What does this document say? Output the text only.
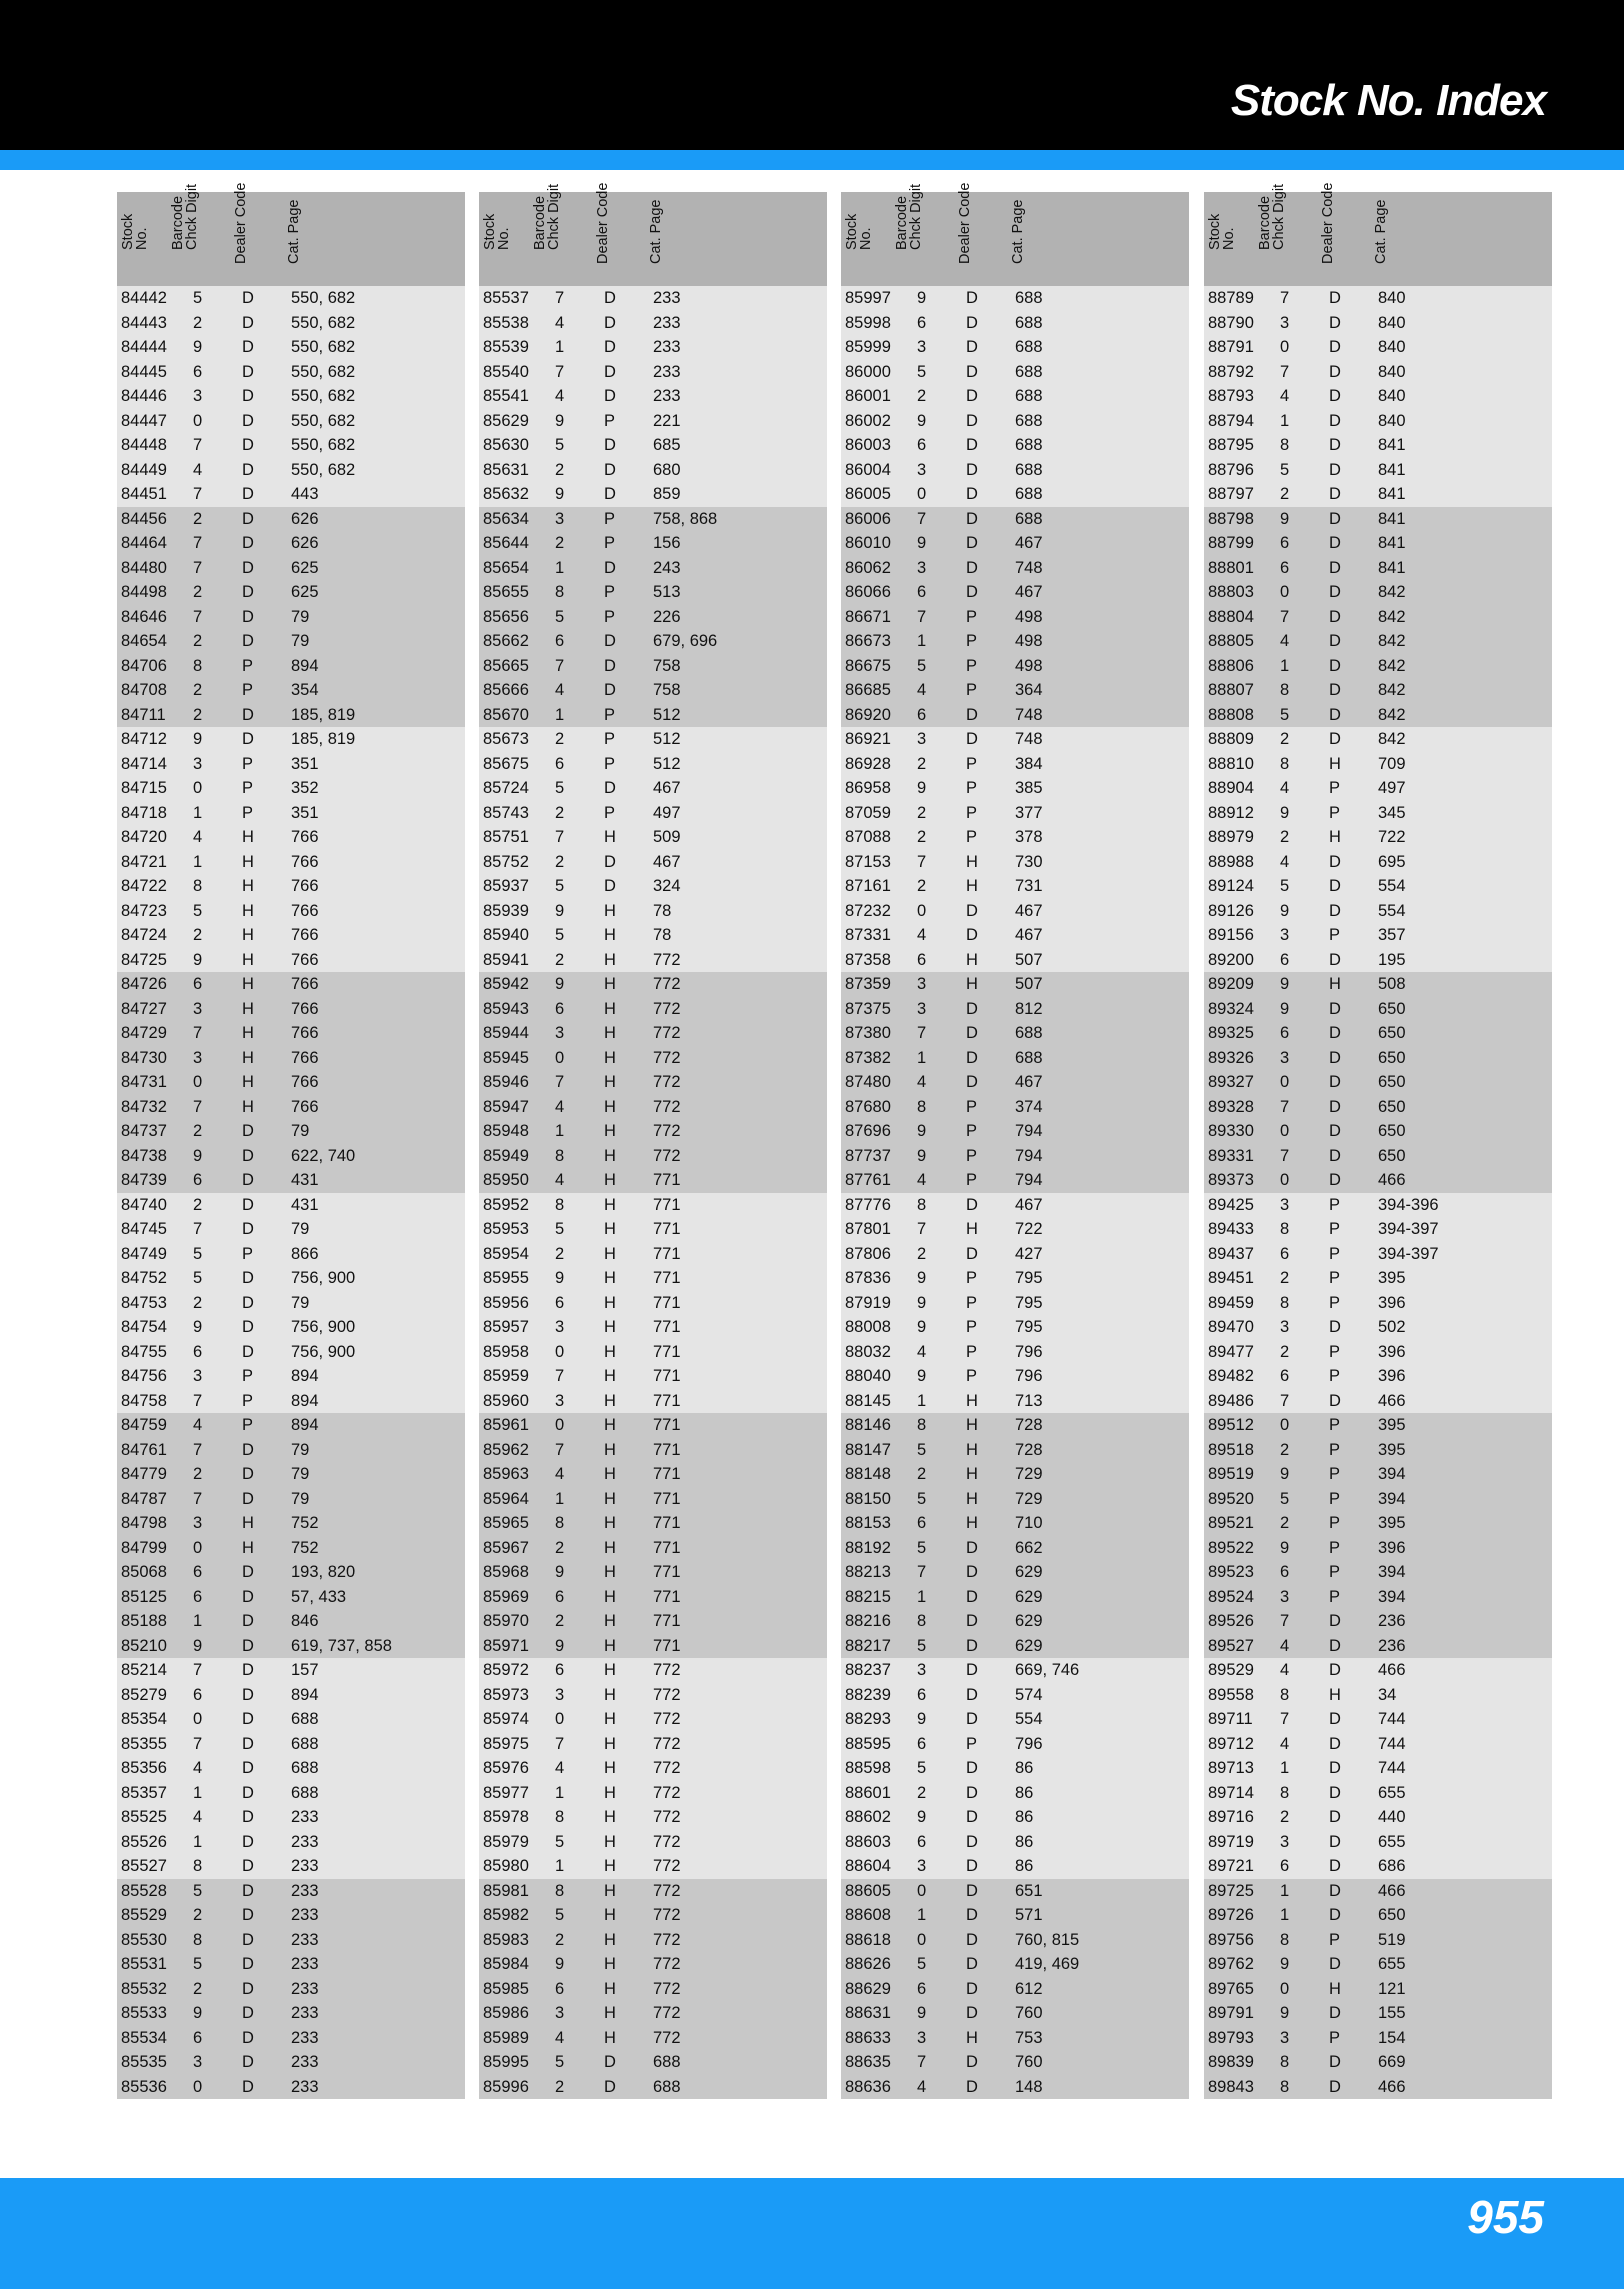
Stock No. Index
Stock
No. Barcode
Chck Digit Dealer Code	Cat. Page
84442 5 D 550, 682
84443 2 D 550, 682
84444 9 D 550, 682
84445 6 D 550, 682
84446 3 D 550, 682
84447 0 D 550, 682
84448 7 D 550, 682
84449 4 D 550, 682
84451 7 D 443
84456 2 D 626
84464 7 D 626
84480 7 D 625
84498 2 D 625
84646 7 D 79
84654 2 D 79
84706 8 P 894
84708 2 P 354
84711 2 D 185, 819
84712 9 D 185, 819
84714 3 P 351
84715 0 P 352
84718 1 P 351
84720 4 H 766
84721 1 H 766
84722 8 H 766
84723 5 H 766
84724 2 H 766
84725 9 H 766
84726 6 H 766
84727 3 H 766
84729 7 H 766
84730 3 H 766
84731 0 H 766
84732 7 H 766
84737 2 D 79
84738 9 D 622, 740
84739 6 D 431
84740 2 D 431
84745 7 D 79
84749 5 P 866
84752 5 D 756, 900
84753 2 D 79
84754 9 D 756, 900
84755 6 D 756, 900
84756 3 P 894
84758 7 P 894
84759 4 P 894
84761 7 D 79
84779 2 D 79
84787 7 D 79
84798 3 H 752
84799 0 H 752
85068 6 D 193, 820
85125 6 D 57, 433
85188 1 D 846
85210 9 D 619, 737, 858
85214 7 D 157
85279 6 D 894
85354 0 D 688
85355 7 D 688
85356 4 D 688
85357 1 D 688
85525 4 D 233
85526 1 D 233
85527 8 D 233
85528 5 D 233
85529 2 D 233
85530 8 D 233
85531 5 D 233
85532 2 D 233
85533 9 D 233
85534 6 D 233
85535 3 D 233
85536 0 D 233
Stock
No. Barcode
Chck Digit Dealer Code	Cat. Page
85537 7 D 233
85538 4 D 233
85539 1 D 233
85540 7 D 233
85541 4 D 233
85629 9 P 221
85630 5 D 685
85631 2 D 680
85632 9 D 859
85634 3 P 758, 868
85644 2 P 156
85654 1 D 243
85655 8 P 513
85656 5 P 226
85662 6 D 679, 696
85665 7 D 758
85666 4 D 758
85670 1 P 512
85673 2 P 512
85675 6 P 512
85724 5 D 467
85743 2 P 497
85751 7 H 509
85752 2 D 467
85937 5 D 324
85939 9 H 78
85940 5 H 78
85941 2 H 772
85942 9 H 772
85943 6 H 772
85944 3 H 772
85945 0 H 772
85946 7 H 772
85947 4 H 772
85948 1 H 772
85949 8 H 772
85950 4 H 771
85952 8 H 771
85953 5 H 771
85954 2 H 771
85955 9 H 771
85956 6 H 771
85957 3 H 771
85958 0 H 771
85959 7 H 771
85960 3 H 771
85961 0 H 771
85962 7 H 771
85963 4 H 771
85964 1 H 771
85965 8 H 771
85967 2 H 771
85968 9 H 771
85969 6 H 771
85970 2 H 771
85971 9 H 771
85972 6 H 772
85973 3 H 772
85974 0 H 772
85975 7 H 772
85976 4 H 772
85977 1 H 772
85978 8 H 772
85979 5 H 772
85980 1 H 772
85981 8 H 772
85982 5 H 772
85983 2 H 772
85984 9 H 772
85985 6 H 772
85986 3 H 772
85989 4 H 772
85995 5 D 688
85996 2 D 688
Stock
No. Barcode
Chck Digit Dealer Code	Cat. Page
85997 9 D 688
85998 6 D 688
85999 3 D 688
86000 5 D 688
86001 2 D 688
86002 9 D 688
86003 6 D 688
86004 3 D 688
86005 0 D 688
86006 7 D 688
86010 9 D 467
86062 3 D 748
86066 6 D 467
86671 7 P 498
86673 1 P 498
86675 5 P 498
86685 4 P 364
86920 6 D 748
86921 3 D 748
86928 2 P 384
86958 9 P 385
87059 2 P 377
87088 2 P 378
87153 7 H 730
87161 2 H 731
87232 0 D 467
87331 4 D 467
87358 6 H 507
87359 3 H 507
87375 3 D 812
87380 7 D 688
87382 1 D 688
87480 4 D 467
87680 8 P 374
87696 9 P 794
87737 9 P 794
87761 4 P 794
87776 8 D 467
87801 7 H 722
87806 2 D 427
87836 9 P 795
87919 9 P 795
88008 9 P 795
88032 4 P 796
88040 9 P 796
88145 1 H 713
88146 8 H 728
88147 5 H 728
88148 2 H 729
88150 5 H 729
88153 6 H 710
88192 5 D 662
88213 7 D 629
88215 1 D 629
88216 8 D 629
88217 5 D 629
88237 3 D 669, 746
88239 6 D 574
88293 9 D 554
88595 6 P 796
88598 5 D 86
88601 2 D 86
88602 9 D 86
88603 6 D 86
88604 3 D 86
88605 0 D 651
88608 1 D 571
88618 0 D 760, 815
88626 5 D 419, 469
88629 6 D 612
88631 9 D 760
88633 3 H 753
88635 7 D 760
88636 4 D 148
Stock
No. Barcode
Chck Digit Dealer Code	Cat. Page
88789 7 D 840
88790 3 D 840
88791 0 D 840
88792 7 D 840
88793 4 D 840
88794 1 D 840
88795 8 D 841
88796 5 D 841
88797 2 D 841
88798 9 D 841
88799 6 D 841
88801 6 D 841
88803 0 D 842
88804 7 D 842
88805 4 D 842
88806 1 D 842
88807 8 D 842
88808 5 D 842
88809 2 D 842
88810 8 H 709
88904 4 P 497
88912 9 P 345
88979 2 H 722
88988 4 D 695
89124 5 D 554
89126 9 D 554
89156 3 P 357
89200 6 D 195
89209 9 H 508
89324 9 D 650
89325 6 D 650
89326 3 D 650
89327 0 D 650
89328 7 D 650
89330 0 D 650
89331 7 D 650
89373 0 D 466
89425 3 P 394-396
89433 8 P 394-397
89437 6 P 394-397
89451 2 P 395
89459 8 P 396
89470 3 D 502
89477 2 P 396
89482 6 P 396
89486 7 D 466
89512 0 P 395
89518 2 P 395
89519 9 P 394
89520 5 P 394
89521 2 P 395
89522 9 P 396
89523 6 P 394
89524 3 P 394
89526 7 D 236
89527 4 D 236
89529 4 D 466
89558 8 H 34
89711 7 D 744
89712 4 D 744
89713 1 D 744
89714 8 D 655
89716 2 D 440
89719 3 D 655
89721 6 D 686
89725 1 D 466
89726 1 D 650
89756 8 P 519
89762 9 D 655
89765 0 H 121
89791 9 D 155
89793 3 P 154
89839 8 D 669
89843 8 D 466
955
